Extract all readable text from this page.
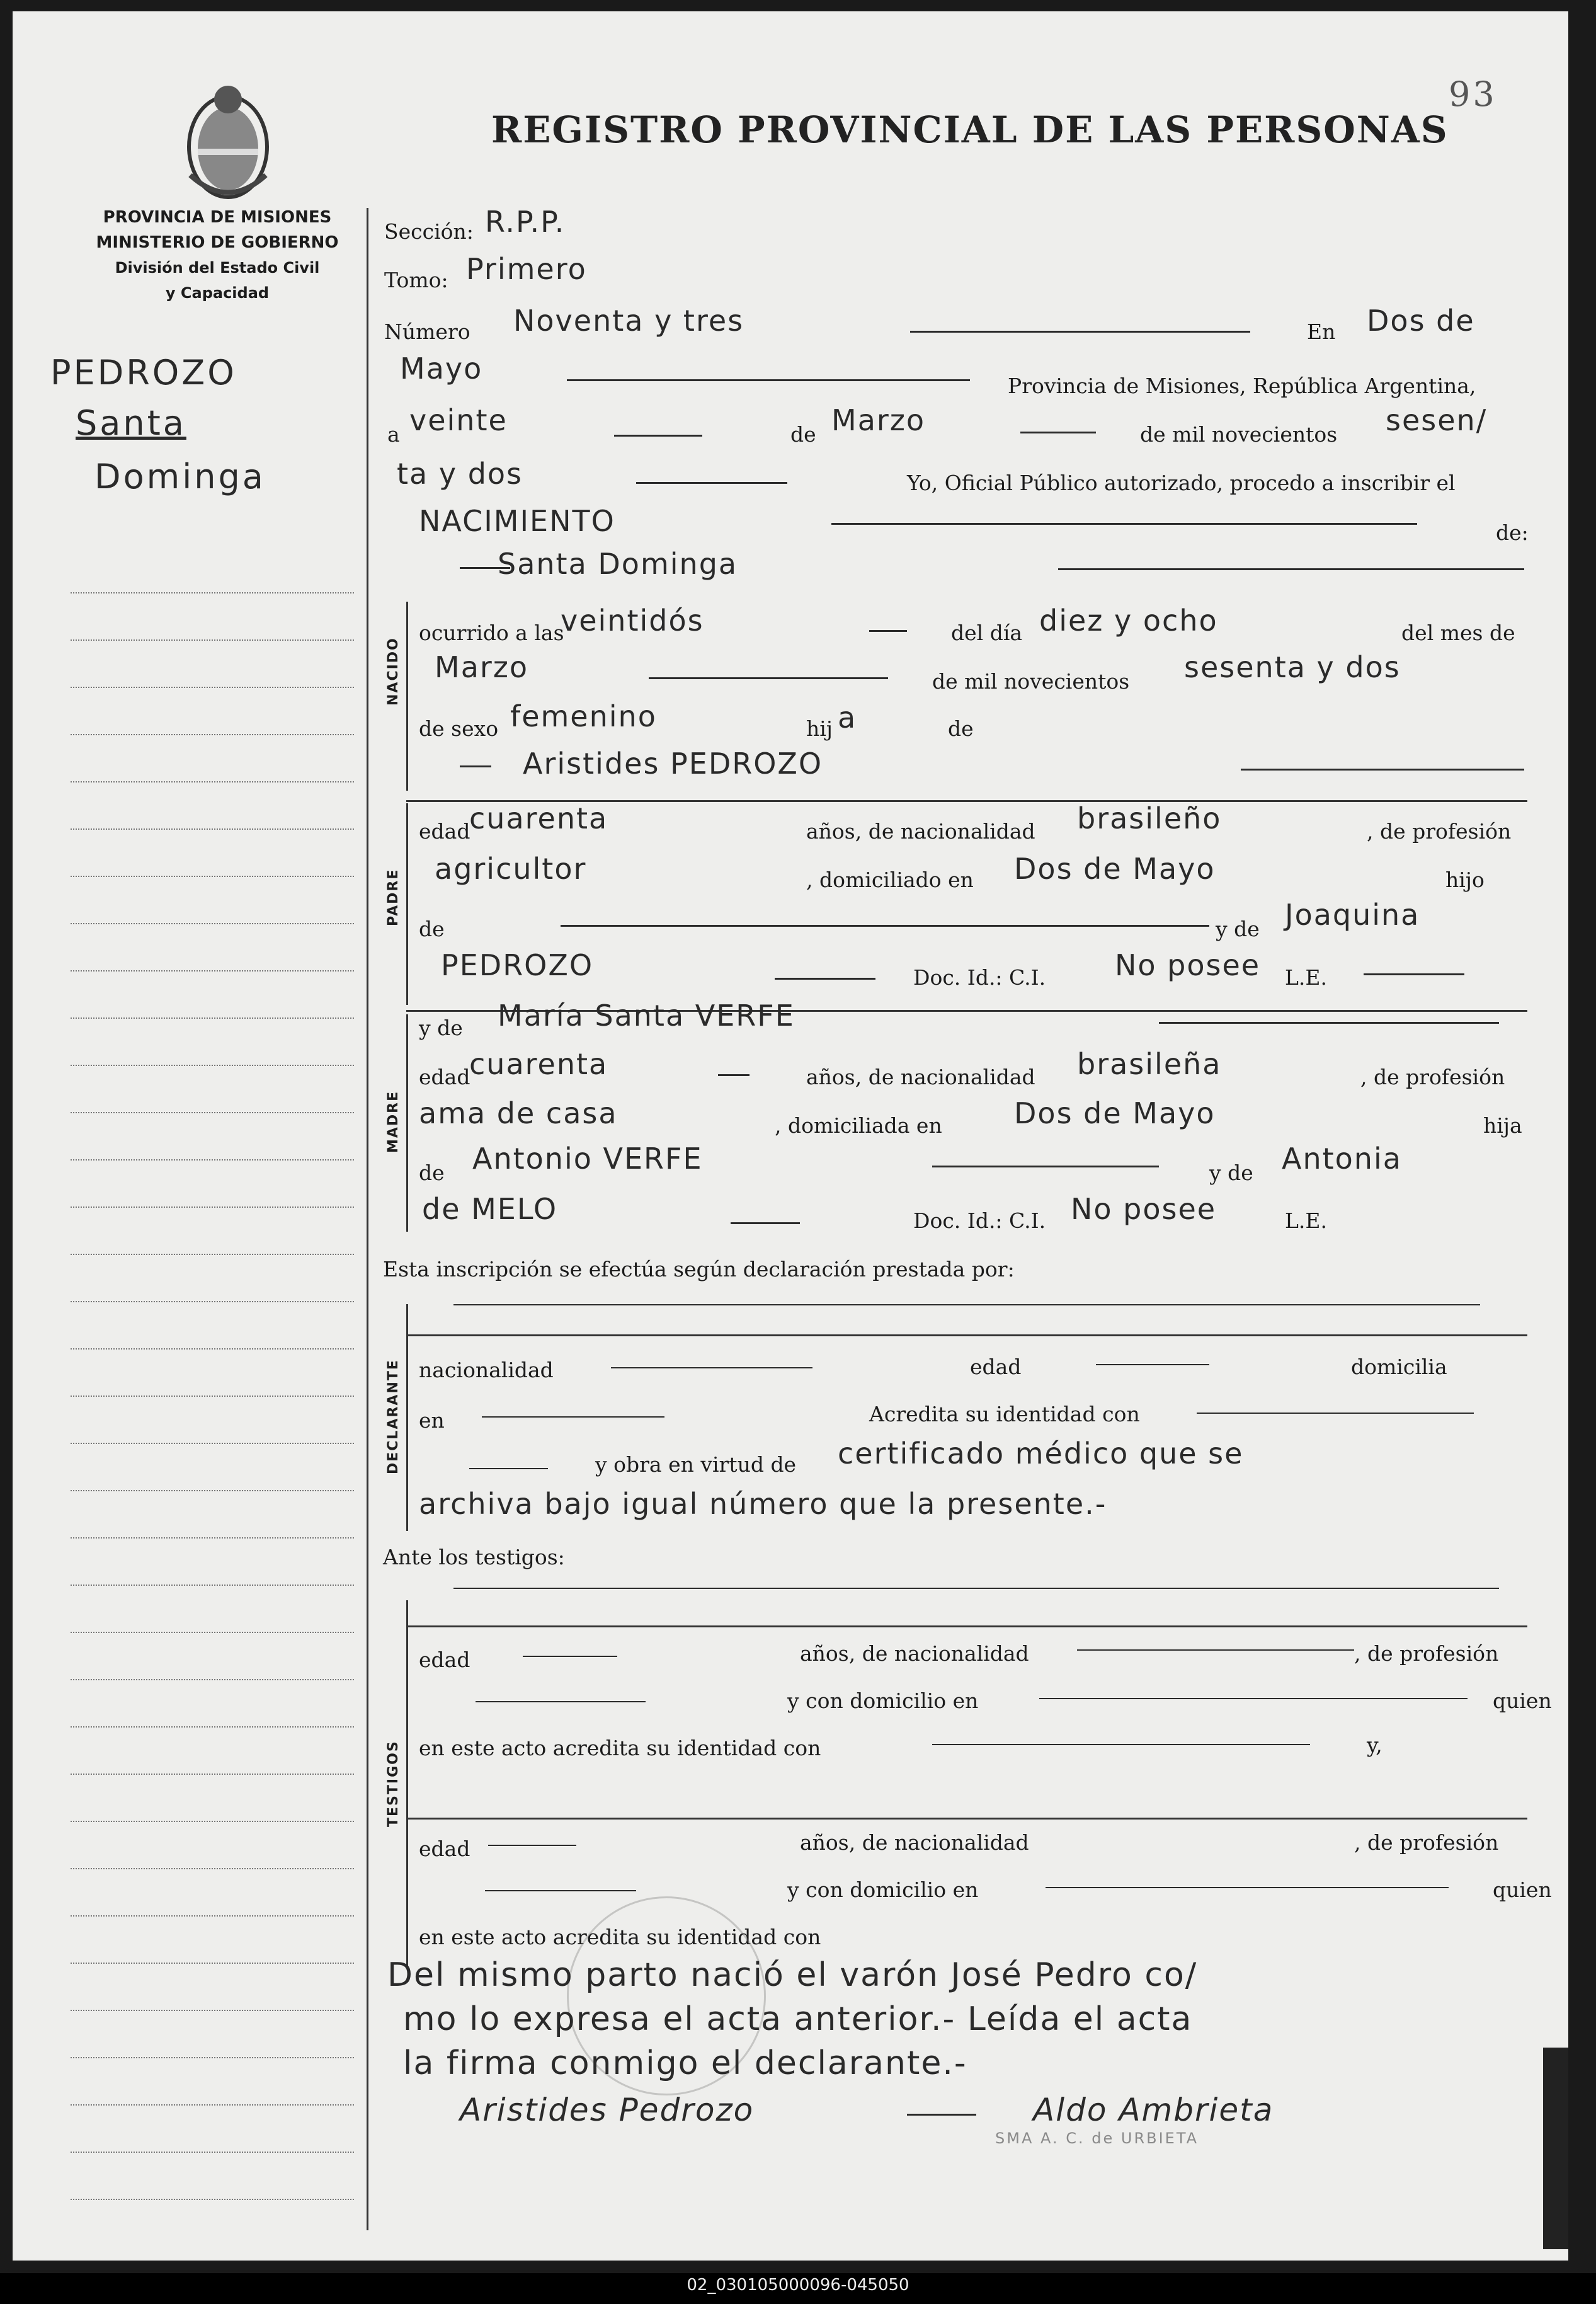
02_030105000096-045050
93
REGISTRO PROVINCIAL DE LAS PERSONAS
PROVINCIA DE MISIONES
MINISTERIO DE GOBIERNO
División del Estado Civil
y Capacidad
PEDROZO
Santa
Dominga
NACIDO
PADRE
MADRE
DECLARANTE
TESTIGOS
Sección: R.P.P.
Tomo: Primero
Número Noventa y tres	En Dos de
Mayo
Provincia de Misiones, República Argentina,
a veinte	de Marzo	de mil novecientos sesen/
ta y dos	Yo, Oficial Público autorizado, procedo a inscribir el
NACIMIENTO	de:
Santa Dominga
ocurrido a las
veintidós	del día diez y ocho	del mes de
Marzo	de mil novecientos sesenta y dos
de sexo femenino	hij a	de
Aristides PEDROZO
edad
cuarenta	años, de nacionalidad brasileño	, de profesión
agricultor	, domiciliado en Dos de Mayo	hijo
de	y de Joaquina
PEDROZO	Doc. Id.: C.I. No posee L.E.
y de María Santa VERFE
edad
cuarenta	años, de nacionalidad brasileña	, de profesión
ama de casa	, domiciliada en Dos de Mayo	hija
de Antonio VERFE	y de Antonia
de MELO	Doc. Id.: C.I. No posee	L.E.
Esta inscripción se efectúa según declaración prestada por:
nacionalidad	edad	domicilia
en	Acredita su identidad con
y obra en virtud de certificado médico que se
archiva bajo igual número que la presente.-
Ante los testigos:
edad	años, de nacionalidad	, de profesión
y con domicilio en	quien
en este acto acredita su identidad con	y,
edad	años, de nacionalidad	, de profesión
y con domicilio en	quien
en este acto acredita su identidad con
Del mismo parto nació el varón José Pedro co/
mo lo expresa el acta anterior.- Leída el acta
la firma conmigo el declarante.-
Aristides Pedrozo	Aldo Ambrieta
SMA A. C. de URBIETA
